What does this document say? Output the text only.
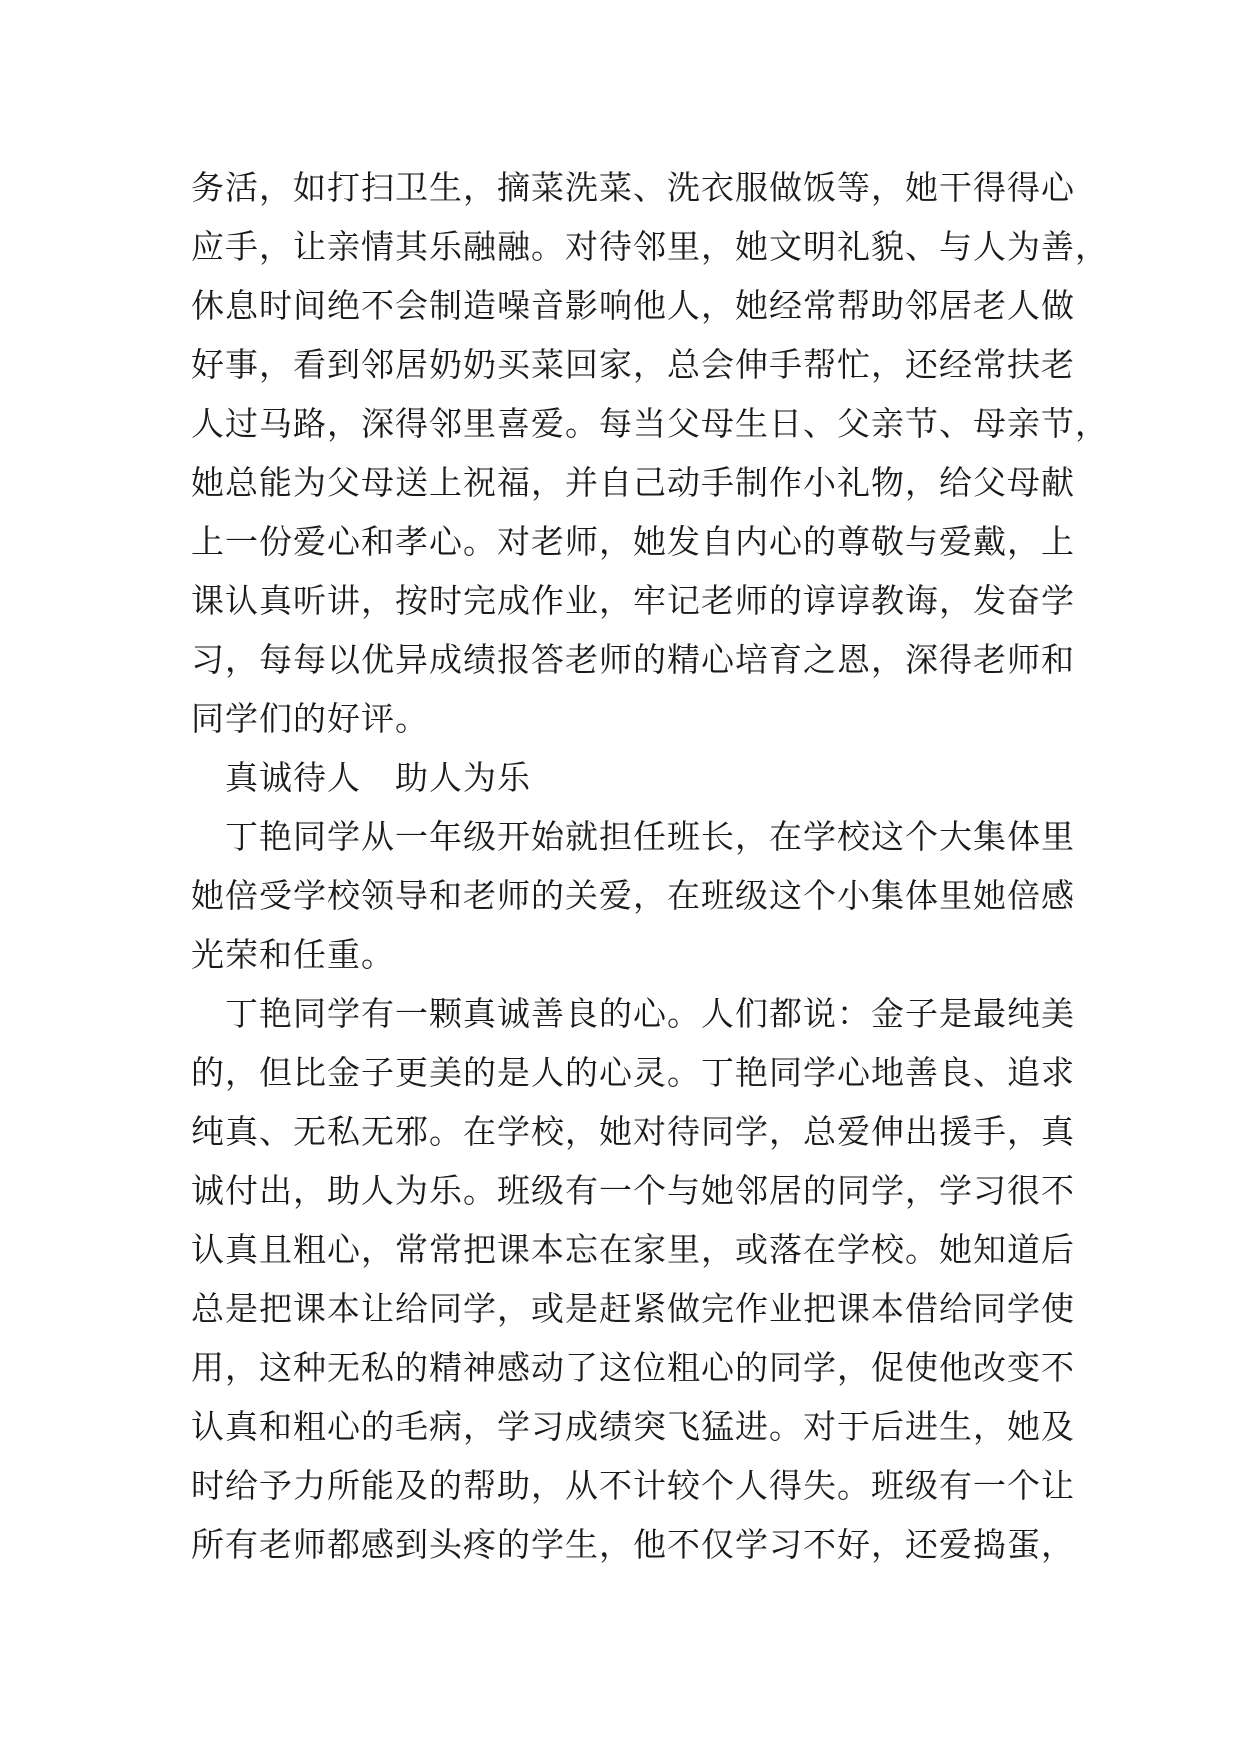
务活，如打扫卫生，摘菜洗菜、洗衣服做饭等，她干得得心
应手，让亲情其乐融融。对待邻里，她文明礼貌、与人为善，
休息时间绝不会制造噪音影响他人，她经常帮助邻居老人做
好事，看到邻居奶奶买菜回家，总会伸手帮忙，还经常扶老
人过马路，深得邻里喜爱。每当父母生日、父亲节、母亲节，
她总能为父母送上祝福，并自己动手制作小礼物，给父母献
上一份爱心和孝心。对老师，她发自内心的尊敬与爱戴，上
课认真听讲，按时完成作业，牢记老师的谆谆教诲，发奋学
习，每每以优异成绩报答老师的精心培育之恩，深得老师和
同学们的好评。
　真诚待人　助人为乐
　丁艳同学从一年级开始就担任班长，在学校这个大集体里
她倍受学校领导和老师的关爱，在班级这个小集体里她倍感
光荣和任重。
　丁艳同学有一颗真诚善良的心。人们都说：金子是最纯美
的，但比金子更美的是人的心灵。丁艳同学心地善良、追求
纯真、无私无邪。在学校，她对待同学，总爱伸出援手，真
诚付出，助人为乐。班级有一个与她邻居的同学，学习很不
认真且粗心，常常把课本忘在家里，或落在学校。她知道后
总是把课本让给同学，或是赶紧做完作业把课本借给同学使
用，这种无私的精神感动了这位粗心的同学，促使他改变不
认真和粗心的毛病，学习成绩突飞猛进。对于后进生，她及
时给予力所能及的帮助，从不计较个人得失。班级有一个让
所有老师都感到头疼的学生，他不仅学习不好，还爱捣蛋，
